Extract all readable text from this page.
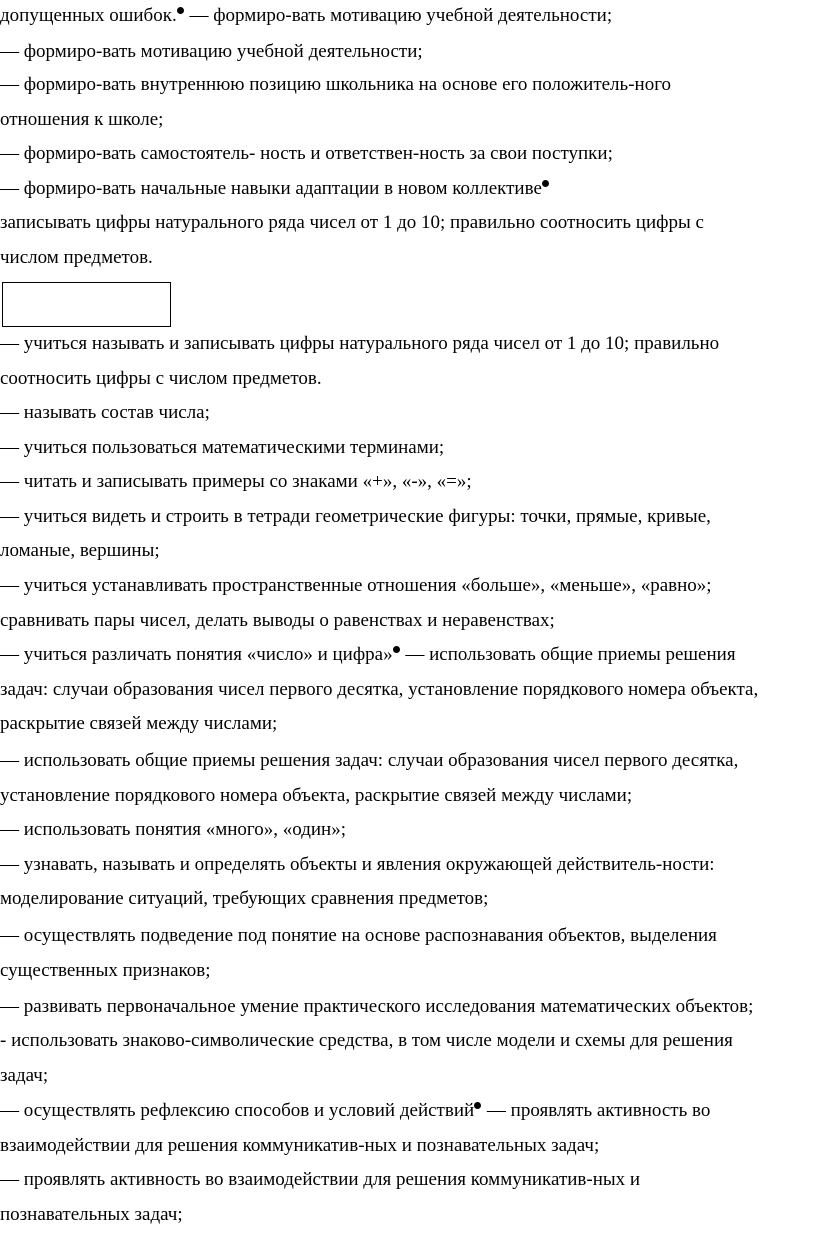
допущенных ошибок. — формиро-вать мотивацию учебной деятельности;
— формиро-вать мотивацию учебной деятельности;
— формиро-вать внутреннюю позицию школьника на основе его положитель-ного
отношения к школе;
— формиро-вать самостоятель- ность и ответствен-ность за свои поступки;
— формиро-вать начальные навыки адаптации в новом коллективе
записывать цифры натурального ряда чисел от 1 до 10; правильно соотносить цифры с
числом предметов.
— учиться называть и записывать цифры натурального ряда чисел от 1 до 10; правильно
соотносить цифры с числом предметов.
— называть состав числа;
— учиться пользоваться математическими терминами;
— читать и записывать примеры со знаками «+», «-», «=»;
— учиться видеть и строить в тетради геометрические фигуры: точки, прямые, кривые,
ломаные, вершины;
— учиться устанавливать пространственные отношения «больше», «меньше», «равно»;
сравнивать пары чисел, делать выводы о равенствах и неравенствах;
— учиться различать понятия «число» и цифра» — использовать общие приемы решения
задач: случаи образования чисел первого десятка, установление порядкового номера объекта,
раскрытие связей между числами;
— использовать общие приемы решения задач: случаи образования чисел первого десятка,
установление порядкового номера объекта, раскрытие связей между числами;
— использовать понятия «много», «один»;
— узнавать, называть и определять объекты и явления окружающей действитель-ности:
моделирование ситуаций, требующих сравнения предметов;
— осуществлять подведение под понятие на основе распознавания объектов, выделения
существенных признаков;
— развивать первоначальное умение практического исследования математических объектов;
- использовать знаково-символические средства, в том числе модели и схемы для решения
задач;
— осуществлять рефлексию способов и условий действий — проявлять активность во
взаимодействии для решения коммуникатив-ных и познавательных задач;
— проявлять активность во взаимодействии для решения коммуникатив-ных и
познавательных задач;
